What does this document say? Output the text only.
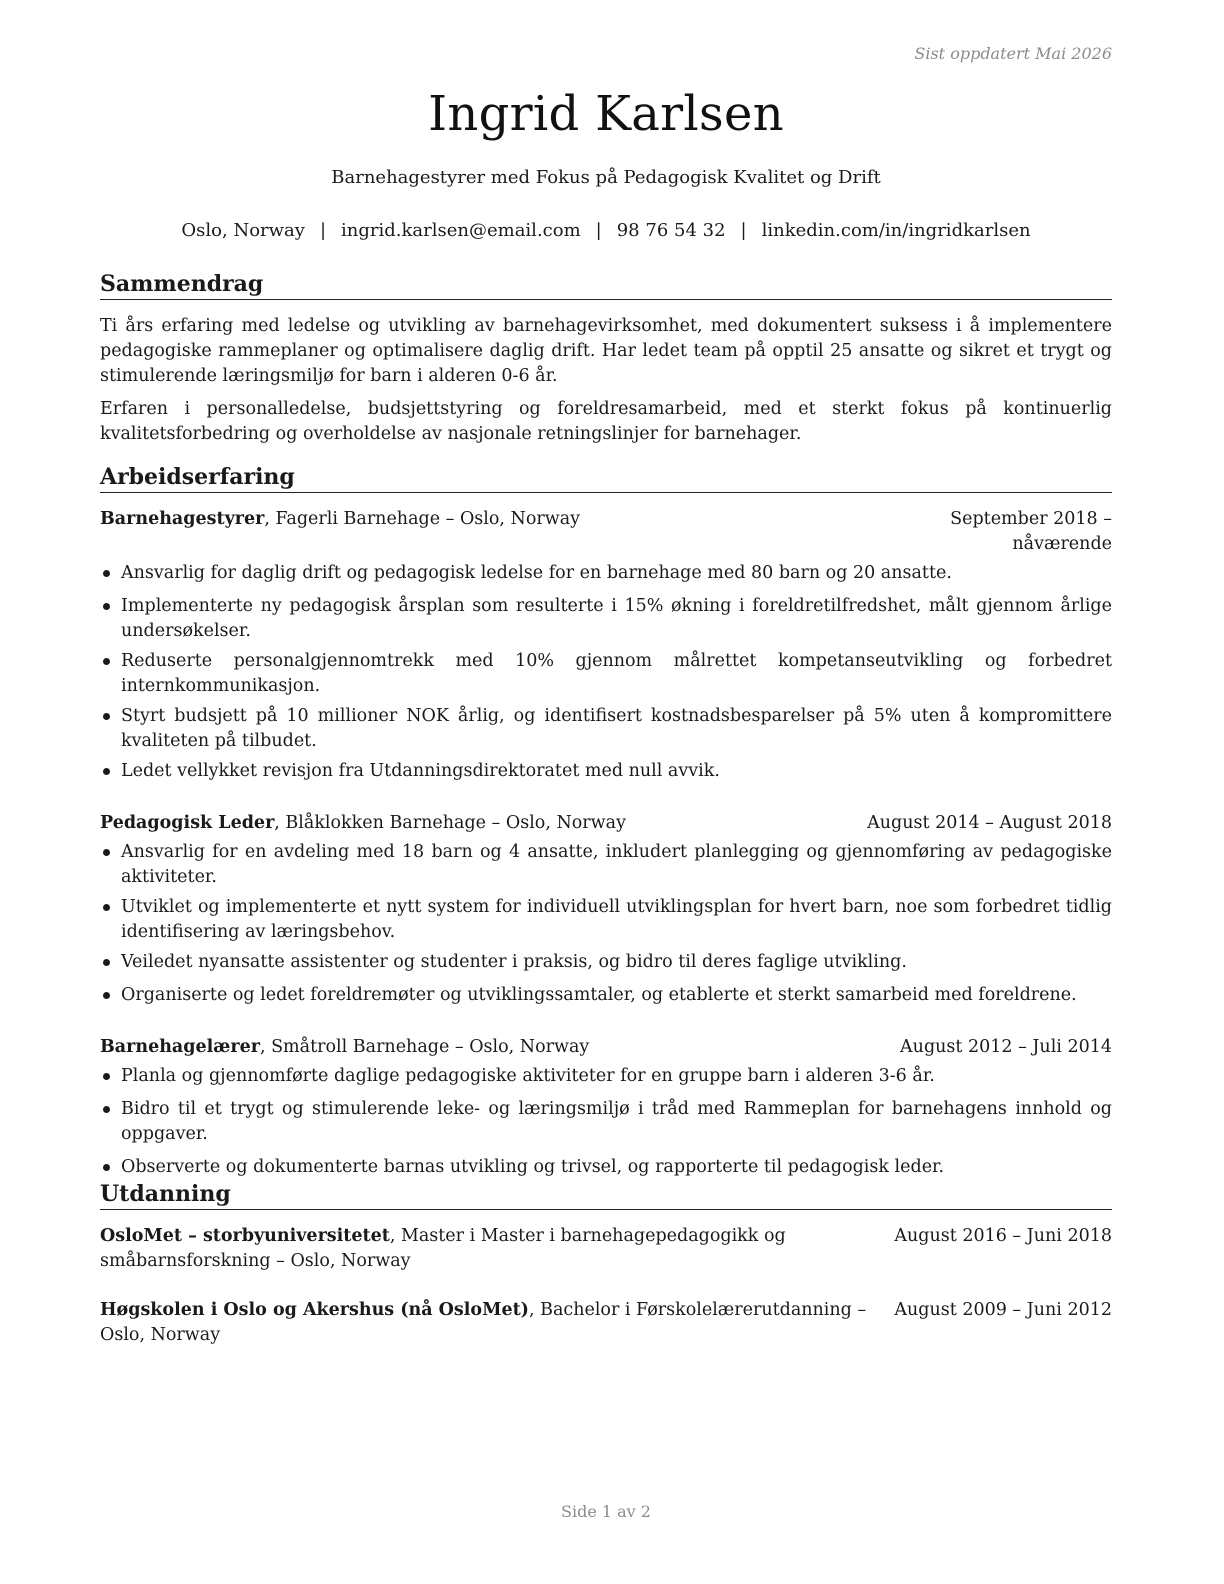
Sist oppdatert Mai 2026
Ingrid Karlsen
Barnehagestyrer med Fokus på Pedagogisk Kvalitet og Drift
Oslo, Norway | ingrid.karlsen@email.com | 98 76 54 32 | linkedin.com/in/ingridkarlsen
Sammendrag

Ti års erfaring med ledelse og utvikling av barnehagevirksomhet, med dokumentert suksess i å implementere pedagogiske rammeplaner og optimalisere daglig drift. Har ledet team på opptil 25 ansatte og sikret et trygt og stimulerende læringsmiljø for barn i alderen 0-6 år.

Erfaren i personalledelse, budsjettstyring og foreldresamarbeid, med et sterkt fokus på kontinuerlig kvalitetsforbedring og overholdelse av nasjonale retningslinjer for barnehager.

Arbeidserfaring
Barnehagestyrer, Fagerli Barnehage – Oslo, Norway	September 2018 – nåværende
Ansvarlig for daglig drift og pedagogisk ledelse for en barnehage med 80 barn og 20 ansatte.
Implementerte ny pedagogisk årsplan som resulterte i 15% økning i foreldretilfredshet, målt gjennom årlige undersøkelser.
Reduserte personalgjennomtrekk med 10% gjennom målrettet kompetanseutvikling og forbedret internkommunikasjon.
Styrt budsjett på 10 millioner NOK årlig, og identifisert kostnadsbesparelser på 5% uten å kompromittere kvaliteten på tilbudet.
Ledet vellykket revisjon fra Utdanningsdirektoratet med null avvik.
Pedagogisk Leder, Blåklokken Barnehage – Oslo, Norway	August 2014 – August 2018
Ansvarlig for en avdeling med 18 barn og 4 ansatte, inkludert planlegging og gjennomføring av pedagogiske aktiviteter.
Utviklet og implementerte et nytt system for individuell utviklingsplan for hvert barn, noe som forbedret tidlig identifisering av læringsbehov.
Veiledet nyansatte assistenter og studenter i praksis, og bidro til deres faglige utvikling.
Organiserte og ledet foreldremøter og utviklingssamtaler, og etablerte et sterkt samarbeid med foreldrene.
Barnehagelærer, Småtroll Barnehage – Oslo, Norway	August 2012 – Juli 2014
Planla og gjennomførte daglige pedagogiske aktiviteter for en gruppe barn i alderen 3-6 år.
Bidro til et trygt og stimulerende leke- og læringsmiljø i tråd med Rammeplan for barnehagens innhold og oppgaver.
Observerte og dokumenterte barnas utvikling og trivsel, og rapporterte til pedagogisk leder.
Utdanning
OsloMet – storbyuniversitetet, Master i Master i barnehagepedagogikk og småbarnsforskning – Oslo, Norway
August 2016 – Juni 2018
Høgskolen i Oslo og Akershus (nå OsloMet), Bachelor i Førskolelærerutdanning – Oslo, Norway
August 2009 – Juni 2012
Side 1 av 2
